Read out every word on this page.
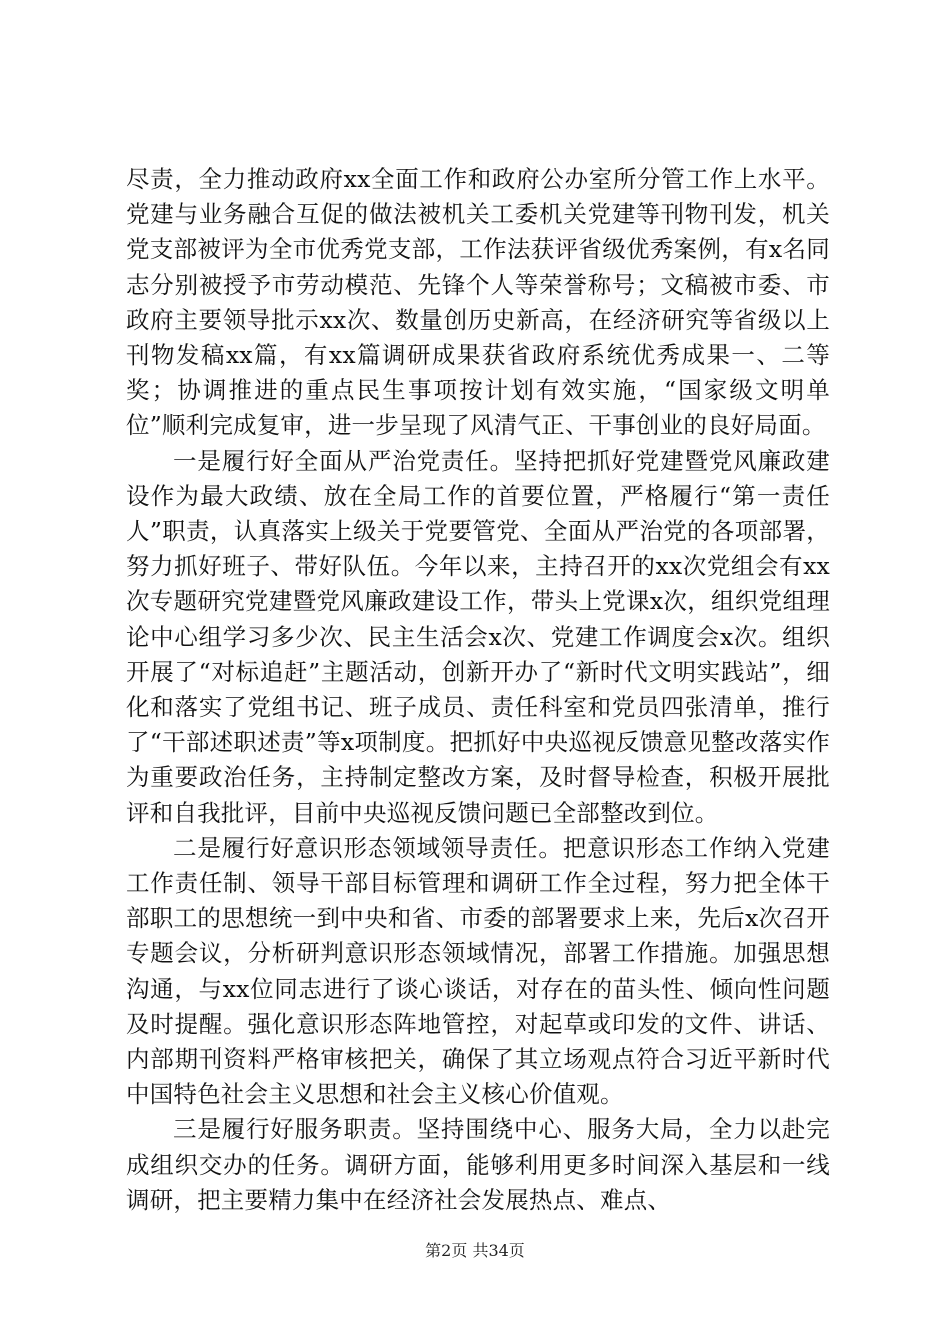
尽责，全力推动政府xx全面工作和政府公办室所分管工作上水平。党建与业务融合互促的做法被机关工委机关党建等刊物刊发，机关党支部被评为全市优秀党支部，工作法获评省级优秀案例，有x名同志分别被授予市劳动模范、先锋个人等荣誉称号；文稿被市委、市政府主要领导批示xx次、数量创历史新高，在经济研究等省级以上刊物发稿xx篇，有xx篇调研成果获省政府系统优秀成果一、二等奖；协调推进的重点民生事项按计划有效实施，“国家级文明单位”顺利完成复审，进一步呈现了风清气正、干事创业的良好局面。

一是履行好全面从严治党责任。坚持把抓好党建暨党风廉政建设作为最大政绩、放在全局工作的首要位置，严格履行“第一责任人”职责，认真落实上级关于党要管党、全面从严治党的各项部署，努力抓好班子、带好队伍。今年以来，主持召开的xx次党组会有xx次专题研究党建暨党风廉政建设工作，带头上党课x次，组织党组理论中心组学习多少次、民主生活会x次、党建工作调度会x次。组织开展了“对标追赶”主题活动，创新开办了“新时代文明实践站”，细化和落实了党组书记、班子成员、责任科室和党员四张清单，推行了“干部述职述责”等x项制度。把抓好中央巡视反馈意见整改落实作为重要政治任务，主持制定整改方案，及时督导检查，积极开展批评和自我批评，目前中央巡视反馈问题已全部整改到位。

二是履行好意识形态领域领导责任。把意识形态工作纳入党建工作责任制、领导干部目标管理和调研工作全过程，努力把全体干部职工的思想统一到中央和省、市委的部署要求上来，先后x次召开专题会议，分析研判意识形态领域情况，部署工作措施。加强思想沟通，与xx位同志进行了谈心谈话，对存在的苗头性、倾向性问题及时提醒。强化意识形态阵地管控，对起草或印发的文件、讲话、内部期刊资料严格审核把关，确保了其立场观点符合习近平新时代中国特色社会主义思想和社会主义核心价值观。

三是履行好服务职责。坚持围绕中心、服务大局，全力以赴完成组织交办的任务。调研方面，能够利用更多时间深入基层和一线调研，把主要精力集中在经济社会发展热点、难点、

第2页 共34页
